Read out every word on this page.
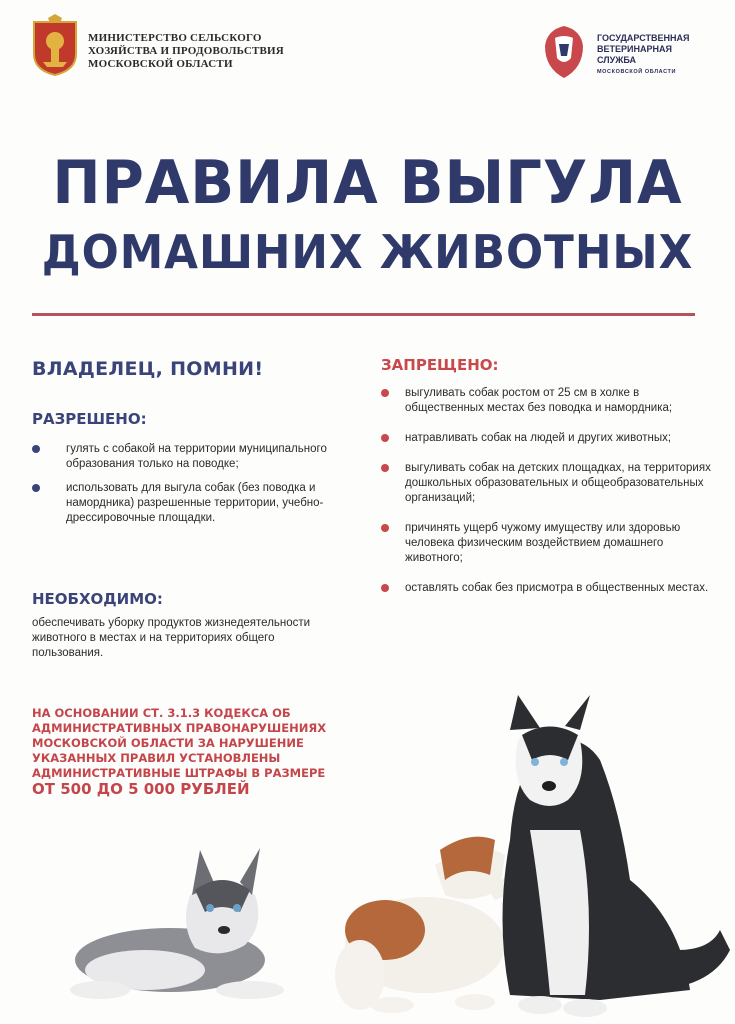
МИНИСТЕРСТВО СЕЛЬСКОГО ХОЗЯЙСТВА И ПРОДОВОЛЬСТВИЯ МОСКОВСКОЙ ОБЛАСТИ
ГОСУДАРСТВЕННАЯ ВЕТЕРИНАРНАЯ СЛУЖБА
МОСКОВСКОЙ ОБЛАСТИ
ПРАВИЛА ВЫГУЛА
ДОМАШНИХ ЖИВОТНЫХ
ВЛАДЕЛЕЦ, ПОМНИ!
РАЗРЕШЕНО:
гулять с собакой на территории муниципального образования только на поводке;
использовать для выгула собак (без поводка и намордника) разрешенные территории, учебно-дрессировочные площадки.
НЕОБХОДИМО:
обеспечивать уборку продуктов жизнедеятельности животного в местах и на территориях общего пользования.
ЗАПРЕЩЕНО:
выгуливать собак ростом от 25 см в холке в общественных местах без поводка и намордника;
натравливать собак на людей и других животных;
выгуливать собак на детских площадках, на территориях дошкольных образовательных и общеобразовательных организаций;
причинять ущерб чужому имуществу или здоровью человека физическим воздействием домашнего животного;
оставлять собак без присмотра в общественных местах.
НА ОСНОВАНИИ СТ. 3.1.3 КОДЕКСА ОБ АДМИНИСТРАТИВНЫХ ПРАВОНАРУШЕНИЯХ МОСКОВСКОЙ ОБЛАСТИ ЗА НАРУШЕНИЕ УКАЗАННЫХ ПРАВИЛ УСТАНОВЛЕНЫ АДМИНИСТРАТИВНЫЕ ШТРАФЫ В РАЗМЕРЕ
ОТ 500 ДО 5 000 РУБЛЕЙ
